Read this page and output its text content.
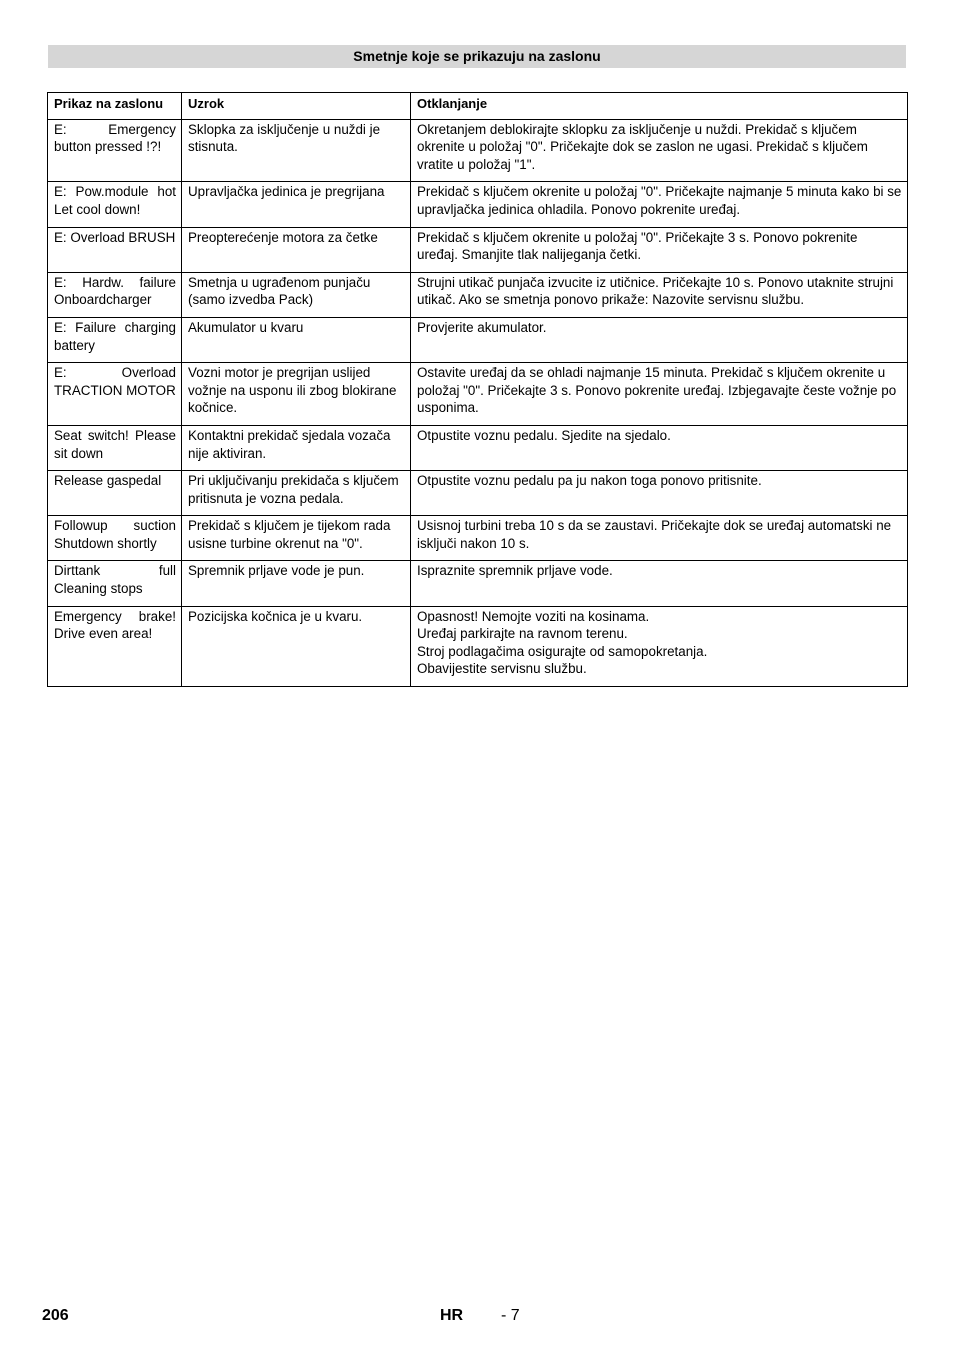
Smetnje koje se prikazuju na zaslonu
Prikaz na zaslonu	Uzrok	Otklanjanje
E: Emergency button pressed !?!	Sklopka za isključenje u nuždi je stisnuta.	Okretanjem deblokirajte sklopku za isključenje u nuždi. Prekidač s ključem okrenite u položaj "0". Pričekajte dok se zaslon ne ugasi. Prekidač s ključem vratite u položaj "1".

E: Pow.module hot Let cool down!	Upravljačka jedinica je pregrijana	Prekidač s ključem okrenite u položaj "0". Pričekajte najmanje 5 minuta kako bi se upravljačka jedinica ohladila. Ponovo pokrenite uređaj.

E: Overload BRUSH	Preopterećenje motora za četke	Prekidač s ključem okrenite u položaj "0". Pričekajte 3 s. Ponovo pokrenite uređaj. Smanjite tlak nalijeganja četki.

E: Hardw. failure Onboardcharger	Smetnja u ugrađenom punjaču (samo izvedba Pack)	Strujni utikač punjača izvucite iz utičnice. Pričekajte 10 s. Ponovo utaknite strujni utikač. Ako se smetnja ponovo prikaže: Nazovite servisnu službu.

E: Failure charging battery	Akumulator u kvaru	Provjerite akumulator.

E: Overload TRACTION MOTOR	Vozni motor je pregrijan uslijed vožnje na usponu ili zbog blokirane kočnice.	Ostavite uređaj da se ohladi najmanje 15 minuta. Prekidač s ključem okrenite u položaj "0". Pričekajte 3 s. Ponovo pokrenite uređaj. Izbjegavajte česte vožnje po usponima.

Seat switch! Please sit down	Kontaktni prekidač sjedala vozača nije aktiviran.	Otpustite voznu pedalu. Sjedite na sjedalo.

Release gaspedal	Pri uključivanju prekidača s ključem pritisnuta je vozna pedala.	Otpustite voznu pedalu pa ju nakon toga ponovo pritisnite.

Followup suction Shutdown shortly	Prekidač s ključem je tijekom rada usisne turbine okrenut na "0".	Usisnoj turbini treba 10 s da se zaustavi. Pričekajte dok se uređaj automatski ne isključi nakon 10 s.

Dirttank full Cleaning stops	Spremnik prljave vode je pun.	Ispraznite spremnik prljave vode.

Emergency brake! Drive even area!	Pozicijska kočnica je u kvaru.	Opasnost! Nemojte voziti na kosinama.
Uređaj parkirajte na ravnom terenu.
Stroj podlagačima osigurajte od samopokretanja.
Obavijestite servisnu službu.
206	HR - 7
